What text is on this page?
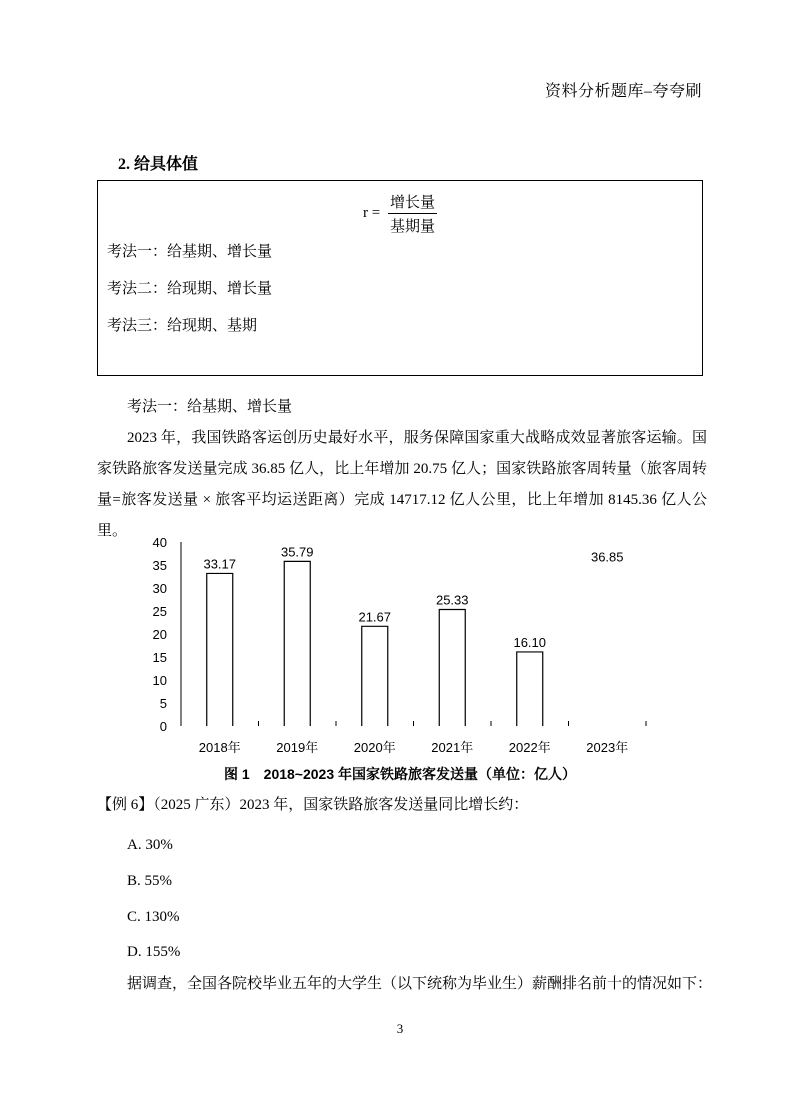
资料分析题库–夸夸刷
2. 给具体值
$r = \frac{\text{增长量}}{\text{基期量}}$
考法一：给基期、增长量
考法二：给现期、增长量
考法三：给现期、基期
考法一：给基期、增长量
2023 年，我国铁路客运创历史最好水平，服务保障国家重大战略成效显著旅客运输。国家铁路旅客发送量完成 36.85 亿人，比上年增加 20.75 亿人；国家铁路旅客周转量（旅客周转量=旅客发送量 × 旅客平均运送距离）完成 14717.12 亿人公里，比上年增加 8145.36 亿人公里。
0
5
10
15
20
25
30
35
40
33.17
2018年
35.79
2019年
21.67
2020年
25.33
2021年
16.10
2022年
36.85
2023年
图 1　2018~2023 年国家铁路旅客发送量（单位：亿人）
【例 6】（2025 广东）2023 年，国家铁路旅客发送量同比增长约：
A. 30%
B. 55%
C. 130%
D. 155%
据调查，全国各院校毕业五年的大学生（以下统称为毕业生）薪酬排名前十的情况如下：
3
